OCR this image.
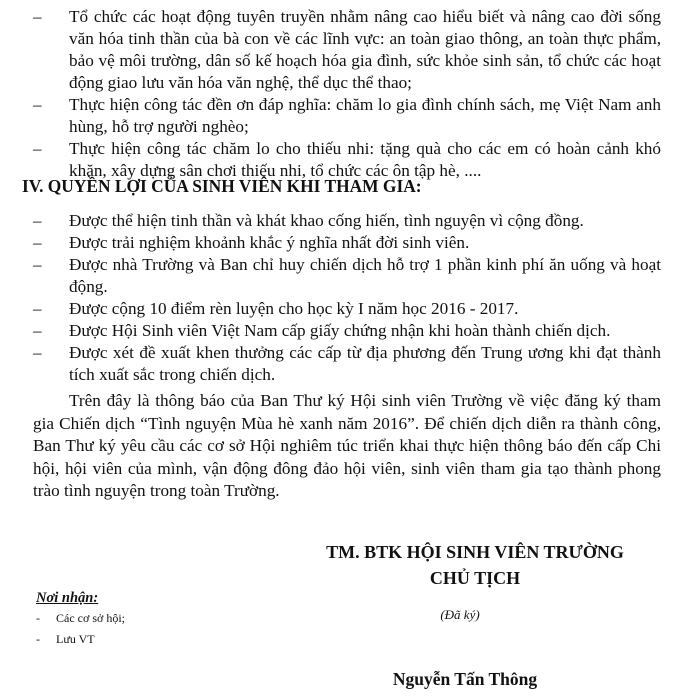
– Tổ chức các hoạt động tuyên truyền nhằm nâng cao hiểu biết và nâng cao đời sống văn hóa tinh thần của bà con về các lĩnh vực: an toàn giao thông, an toàn thực phẩm, bảo vệ môi trường, dân số kế hoạch hóa gia đình, sức khỏe sinh sản, tổ chức các hoạt động giao lưu văn hóa văn nghệ, thể dục thể thao;
– Thực hiện công tác đền ơn đáp nghĩa: chăm lo gia đình chính sách, mẹ Việt Nam anh hùng, hỗ trợ người nghèo;
– Thực hiện công tác chăm lo cho thiếu nhi: tặng quà cho các em có hoàn cảnh khó khăn, xây dựng sân chơi thiếu nhi, tổ chức các ôn tập hè, ....
IV. QUYỀN LỢI CỦA SINH VIÊN KHI THAM GIA:
– Được thể hiện tinh thần và khát khao cống hiến, tình nguyện vì cộng đồng.
– Được trải nghiệm khoảnh khắc ý nghĩa nhất đời sinh viên.
– Được nhà Trường và Ban chỉ huy chiến dịch hỗ trợ 1 phần kinh phí ăn uống và hoạt động.
– Được cộng 10 điểm rèn luyện cho học kỳ I năm học 2016 - 2017.
– Được Hội Sinh viên Việt Nam cấp giấy chứng nhận khi hoàn thành chiến dịch.
– Được xét đề xuất khen thưởng các cấp từ địa phương đến Trung ương khi đạt thành tích xuất sắc trong chiến dịch.
Trên đây là thông báo của Ban Thư ký Hội sinh viên Trường về việc đăng ký tham gia Chiến dịch “Tình nguyện Mùa hè xanh năm 2016”. Để chiến dịch diễn ra thành công, Ban Thư ký yêu cầu các cơ sở Hội nghiêm túc triển khai thực hiện thông báo đến cấp Chi hội, hội viên của mình, vận động đông đảo hội viên, sinh viên tham gia tạo thành phong trào tình nguyện trong toàn Trường.
TM. BTK HỘI SINH VIÊN TRƯỜNG
CHỦ TỊCH
Nơi nhận:
- Các cơ sở hội;
- Lưu VT
(Đã ký)
Nguyễn Tấn Thông
